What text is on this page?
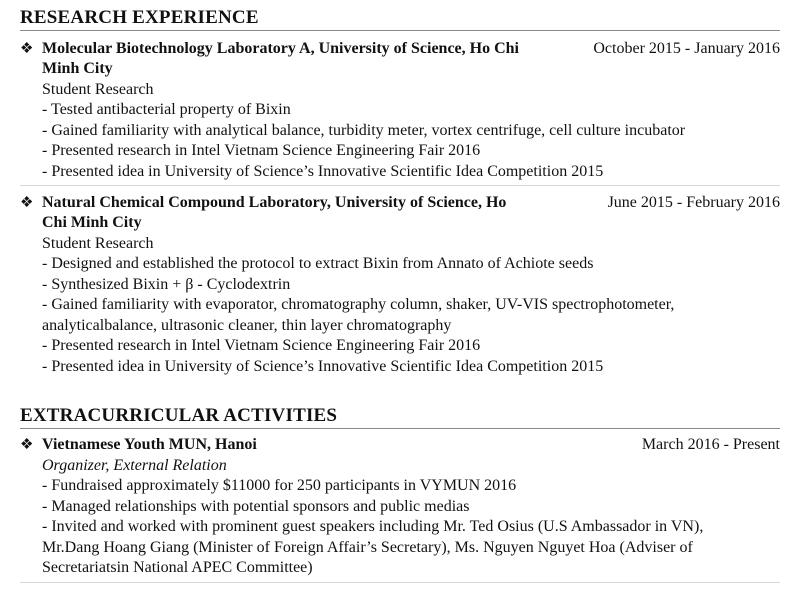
RESEARCH EXPERIENCE
❖ Molecular Biotechnology Laboratory A, University of Science, Ho Chi
Minh City
October 2015 - January 2016
Student Research
- Tested antibacterial property of Bixin
- Gained familiarity with analytical balance, turbidity meter, vortex centrifuge, cell culture incubator
- Presented research in Intel Vietnam Science Engineering Fair 2016
- Presented idea in University of Science’s Innovative Scientific Idea Competition 2015
❖ Natural Chemical Compound Laboratory, University of Science, Ho
Chi Minh City
June 2015 - February 2016
Student Research
- Designed and established the protocol to extract Bixin from Annato of Achiote seeds
- Synthesized Bixin + β - Cyclodextrin
- Gained familiarity with evaporator, chromatography column, shaker, UV-VIS spectrophotometer,
analyticalbalance, ultrasonic cleaner, thin layer chromatography
- Presented research in Intel Vietnam Science Engineering Fair 2016
- Presented idea in University of Science’s Innovative Scientific Idea Competition 2015
EXTRACURRICULAR ACTIVITIES
❖ Vietnamese Youth MUN, Hanoi	March 2016 - Present
Organizer, External Relation
- Fundraised approximately $11000 for 250 participants in VYMUN 2016
- Managed relationships with potential sponsors and public medias
- Invited and worked with prominent guest speakers including Mr. Ted Osius (U.S Ambassador in VN),
Mr.Dang Hoang Giang (Minister of Foreign Affair’s Secretary), Ms. Nguyen Nguyet Hoa (Adviser of
Secretariatsin National APEC Committee)
